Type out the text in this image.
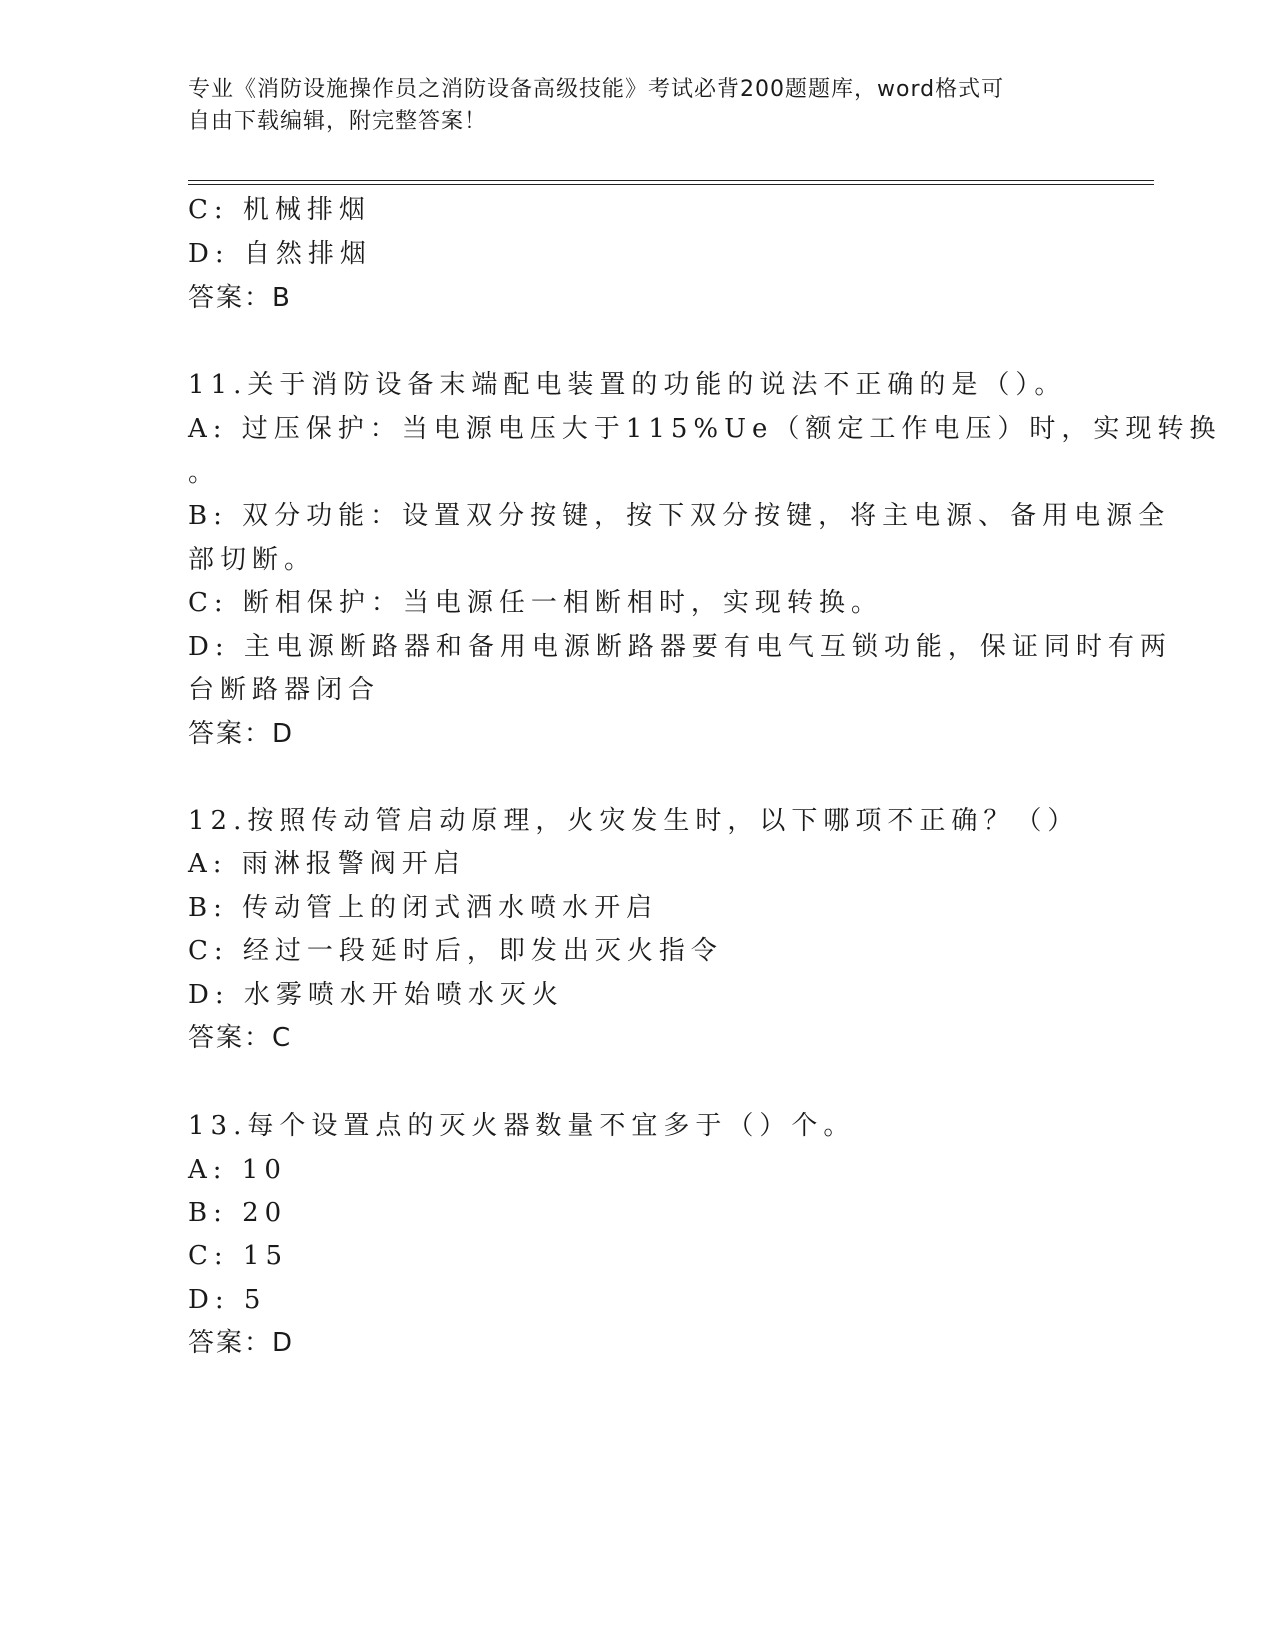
专业《消防设施操作员之消防设备高级技能》考试必背200题题库，word格式可
自由下载编辑，附完整答案！
C: 机械排烟
D: 自然排烟
答案：B
11.关于消防设备末端配电装置的功能的说法不正确的是（）。
A: 过压保护：当电源电压大于115%Ue（额定工作电压）时，实现转换
。
B: 双分功能：设置双分按键，按下双分按键，将主电源、备用电源全
部切断。
C: 断相保护：当电源任一相断相时，实现转换。
D: 主电源断路器和备用电源断路器要有电气互锁功能，保证同时有两
台断路器闭合
答案：D
12.按照传动管启动原理，火灾发生时，以下哪项不正确？（）
A: 雨淋报警阀开启
B: 传动管上的闭式洒水喷水开启
C: 经过一段延时后，即发出灭火指令
D: 水雾喷水开始喷水灭火
答案：C
13.每个设置点的灭火器数量不宜多于（）个。
A: 10
B: 20
C: 15
D: 5
答案：D
